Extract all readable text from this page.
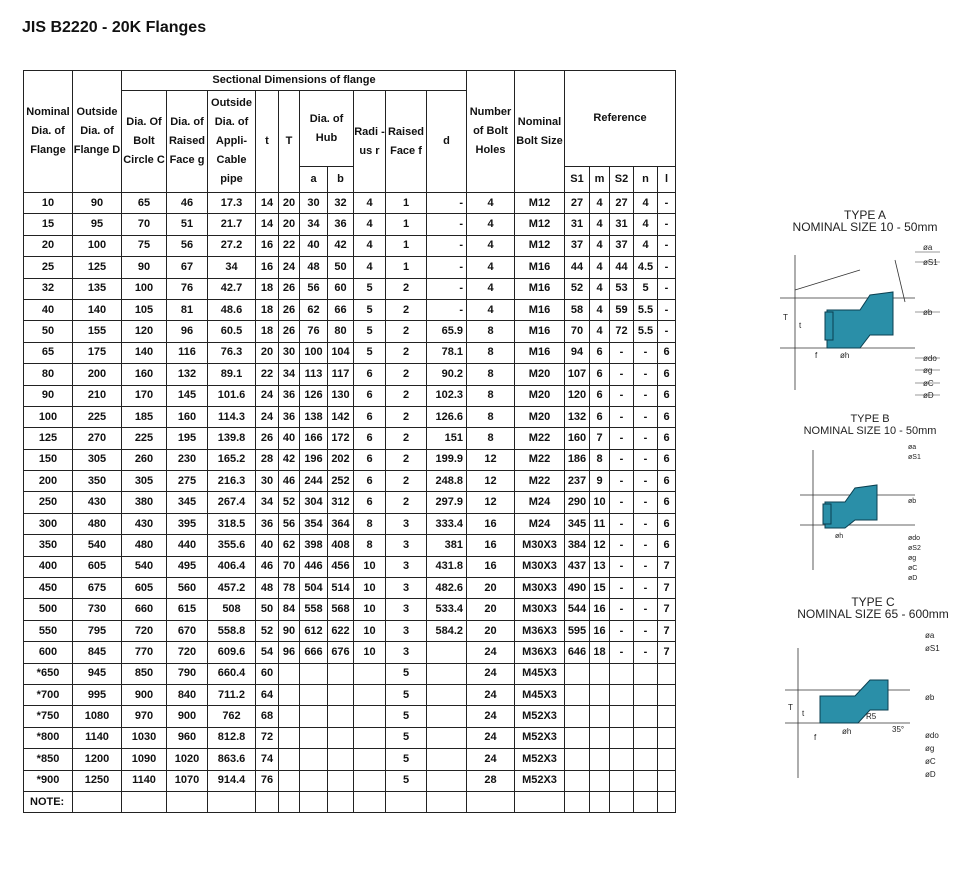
JIS B2220 - 20K Flanges
Nominal Dia. of Flange	Outside Dia. of Flange D	Sectional Dimensions of flange										Number of Bolt Holes	Nominal Bolt Size	Reference				
		Dia. Of Bolt Circle C	Dia. of Raised Face g	Outside Dia. of Appli- Cable pipe	t	T	Dia. of Hub		Radi -us r	Raised Face f	d							
							a	b						S1	m	S2	n	l
10	90	65	46	17.3	14	20	30	32	4	1	-	4	M12	27	4	27	4	-
15	95	70	51	21.7	14	20	34	36	4	1	-	4	M12	31	4	31	4	-
20	100	75	56	27.2	16	22	40	42	4	1	-	4	M12	37	4	37	4	-
25	125	90	67	34	16	24	48	50	4	1	-	4	M16	44	4	44	4.5	-
32	135	100	76	42.7	18	26	56	60	5	2	-	4	M16	52	4	53	5	-
40	140	105	81	48.6	18	26	62	66	5	2	-	4	M16	58	4	59	5.5	-
50	155	120	96	60.5	18	26	76	80	5	2	65.9	8	M16	70	4	72	5.5	-
65	175	140	116	76.3	20	30	100	104	5	2	78.1	8	M16	94	6	-	-	6
80	200	160	132	89.1	22	34	113	117	6	2	90.2	8	M20	107	6	-	-	6
90	210	170	145	101.6	24	36	126	130	6	2	102.3	8	M20	120	6	-	-	6
100	225	185	160	114.3	24	36	138	142	6	2	126.6	8	M20	132	6	-	-	6
125	270	225	195	139.8	26	40	166	172	6	2	151	8	M22	160	7	-	-	6
150	305	260	230	165.2	28	42	196	202	6	2	199.9	12	M22	186	8	-	-	6
200	350	305	275	216.3	30	46	244	252	6	2	248.8	12	M22	237	9	-	-	6
250	430	380	345	267.4	34	52	304	312	6	2	297.9	12	M24	290	10	-	-	6
300	480	430	395	318.5	36	56	354	364	8	3	333.4	16	M24	345	11	-	-	6
350	540	480	440	355.6	40	62	398	408	8	3	381	16	M30X3	384	12	-	-	6
400	605	540	495	406.4	46	70	446	456	10	3	431.8	16	M30X3	437	13	-	-	7
450	675	605	560	457.2	48	78	504	514	10	3	482.6	20	M30X3	490	15	-	-	7
500	730	660	615	508	50	84	558	568	10	3	533.4	20	M30X3	544	16	-	-	7
550	795	720	670	558.8	52	90	612	622	10	3	584.2	20	M36X3	595	16	-	-	7
600	845	770	720	609.6	54	96	666	676	10	3		24	M36X3	646	18	-	-	7
*650	945	850	790	660.4	60					5		24	M45X3					
*700	995	900	840	711.2	64					5		24	M45X3					
*750	1080	970	900	762	68					5		24	M52X3					
*800	1140	1030	960	812.8	72					5		24	M52X3					
*850	1200	1090	1020	863.6	74					5		24	M52X3					
*900	1250	1140	1070	914.4	76					5		28	M52X3					
NOTE:																		
TYPE A
NOMINAL SIZE 10 - 50mm
øa
øS1
øb
ødo
øg
øC
øD
T
t
øh
f
TYPE B
NOMINAL SIZE 10 - 50mm
øa
øS1
øb
ødo
øS2
øg
øC
øD
øh
TYPE C
NOMINAL SIZE 65 - 600mm
øa
øS1
øb
ødo
øg
øC
øD
T
t	R5
35°
øh
f
